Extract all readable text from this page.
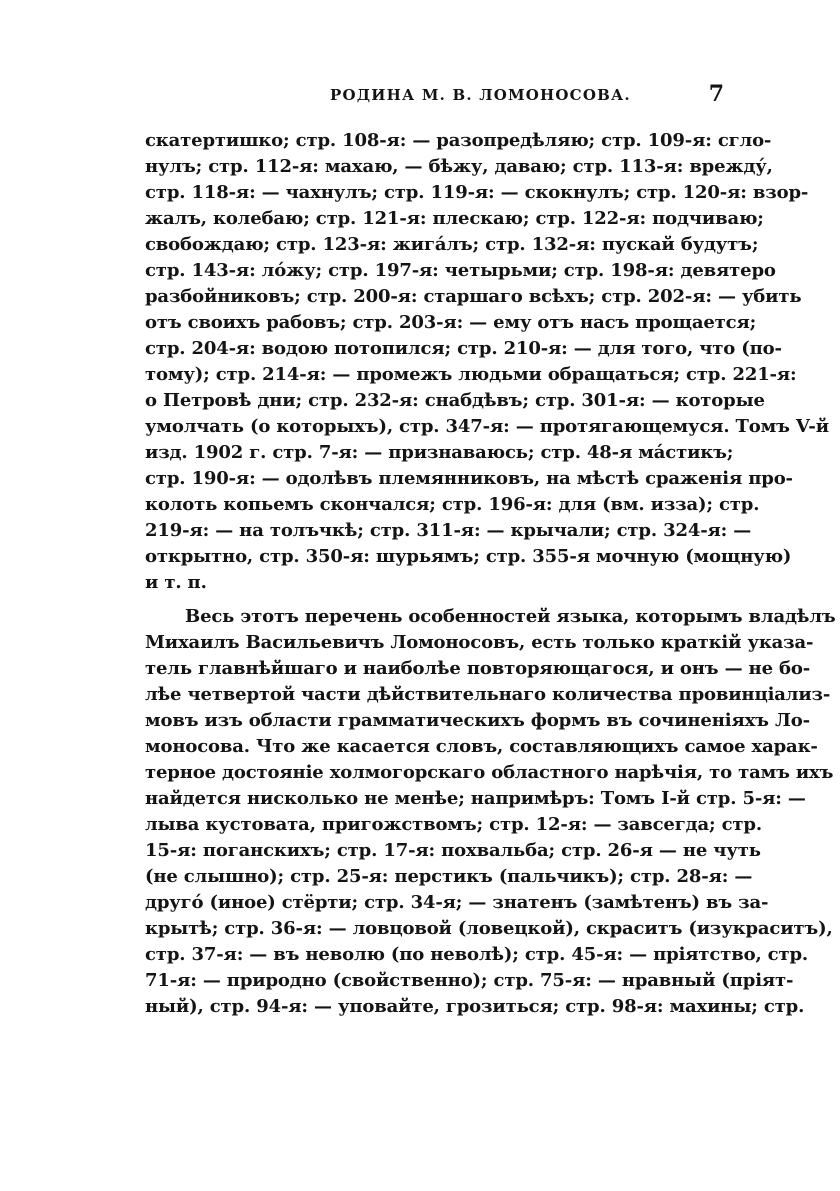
РОДИНА М. В. ЛОМОНОСОВА.	7
скатертишко; стр. 108-я: — разопредѣляю; стр. 109-я: сгло-
нулъ; стр. 112-я: махаю, — бѣжу, даваю; стр. 113-я: врежду́,
стр. 118-я: — чахнулъ; стр. 119-я: — скокнулъ; стр. 120-я: взор-
жалъ, колебаю; стр. 121-я: плескаю; стр. 122-я: подчиваю;
свобождаю; стр. 123-я: жигáлъ; стр. 132-я: пускай будутъ;
стр. 143-я: лóжу; стр. 197-я: четырьми; стр. 198-я: девятеро
разбойниковъ; стр. 200-я: старшаго всѣхъ; стр. 202-я: — убить
отъ своихъ рабовъ; стр. 203-я: — ему отъ насъ прощается;
стр. 204-я: водою потопился; стр. 210-я: — для того, что (по-
тому); стр. 214-я: — промежъ людьми обращаться; стр. 221-я:
о Петровѣ дни; стр. 232-я: снабдѣвъ; стр. 301-я: — которые
умолчать (о которыхъ), стр. 347-я: — протягающемуся. Томъ V-й
изд. 1902 г. стр. 7-я: — признаваюсь; стр. 48-я мáстикъ;
стр. 190-я: — одолѣвъ племянниковъ, на мѣстѣ сраженія про-
колоть копьемъ скончался; стр. 196-я: для (вм. изза); стр.
219-я: — на толъчкѣ; стр. 311-я: — крычали; стр. 324-я: —
открытно, стр. 350-я: шурьямъ; стр. 355-я мочную (мощную)
и т. п.
Весь этотъ перечень особенностей языка, которымъ владѣлъ
Михаилъ Васильевичъ Ломоносовъ, есть только краткій указа-
тель главнѣйшаго и наиболѣе повторяющагося, и онъ — не бо-
лѣе четвертой части дѣйствительнаго количества провинціализ-
мовъ изъ области грамматическихъ формъ въ сочиненіяхъ Ло-
моносова. Что же касается словъ, составляющихъ самое харак-
терное достояніе холмогорскаго областного нарѣчія, то тамъ ихъ
найдется нисколько не менѣе; напримѣръ: Томъ I-й стр. 5-я: —
лыва кустовата, пригожствомъ; стр. 12-я: — завсегда; стр.
15-я: поганскихъ; стр. 17-я: похвальба; стр. 26-я — не чуть
(не слышно); стр. 25-я: перстикъ (пальчикъ); стр. 28-я: —
другó (иное) стёрти; стр. 34-я; — знатенъ (замѣтенъ) въ за-
крытѣ; стр. 36-я: — ловцовой (ловецкой), скраситъ (изукраситъ),
стр. 37-я: — въ неволю (по неволѣ); стр. 45-я: — пріятство, стр.
71-я: — природно (свойственно); стр. 75-я: — нравный (пріят-
ный), стр. 94-я: — уповайте, грозиться; стр. 98-я: махины; стр.
